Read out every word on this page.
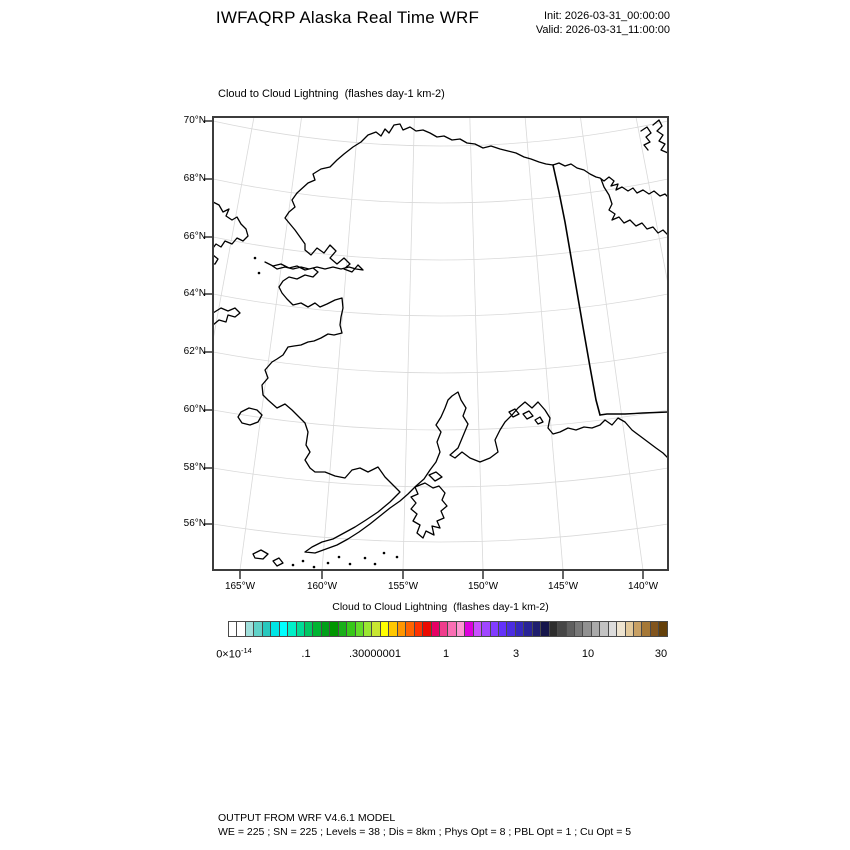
IWFAQRP Alaska Real Time WRF	Init: 2026-03-31_00:00:00
Valid: 2026-03-31_11:00:00
Cloud to Cloud Lightning  (flashes day-1 km-2)
70°N
68°N
66°N
64°N
62°N
60°N
58°N
56°N
165°W	160°W	155°W	150°W	145°W	140°W
Cloud to Cloud Lightning  (flashes day-1 km-2)
$0\times 10^{-14}$	.1	.30000001	1	3	10	30
OUTPUT FROM WRF V4.6.1 MODEL
WE = 225 ; SN = 225 ; Levels = 38 ; Dis = 8km ; Phys Opt = 8 ; PBL Opt = 1 ; Cu Opt = 5
